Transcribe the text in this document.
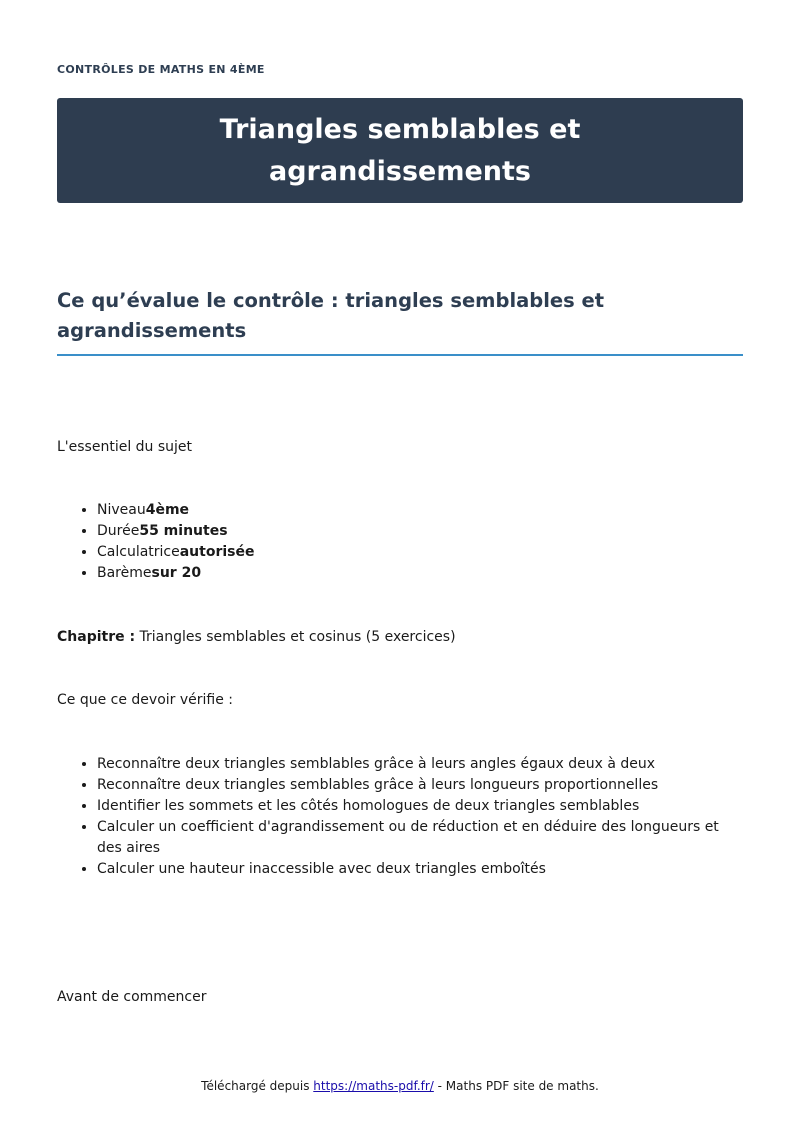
CONTRÔLES DE MATHS EN 4ÈME
Triangles semblables et agrandissements
Ce qu’évalue le contrôle : triangles semblables et agrandissements

L'essentiel du sujet

• Niveau4ème
• Durée55 minutes
• Calculatriceautorisée
• Barèmesur 20

Chapitre : Triangles semblables et cosinus (5 exercices)

Ce que ce devoir vérifie :

• Reconnaître deux triangles semblables grâce à leurs angles égaux deux à deux
• Reconnaître deux triangles semblables grâce à leurs longueurs proportionnelles
• Identifier les sommets et les côtés homologues de deux triangles semblables
• Calculer un coefficient d'agrandissement ou de réduction et en déduire des longueurs et des aires
• Calculer une hauteur inaccessible avec deux triangles emboîtés

Avant de commencer

Téléchargé depuis https://maths-pdf.fr/ - Maths PDF site de maths.
